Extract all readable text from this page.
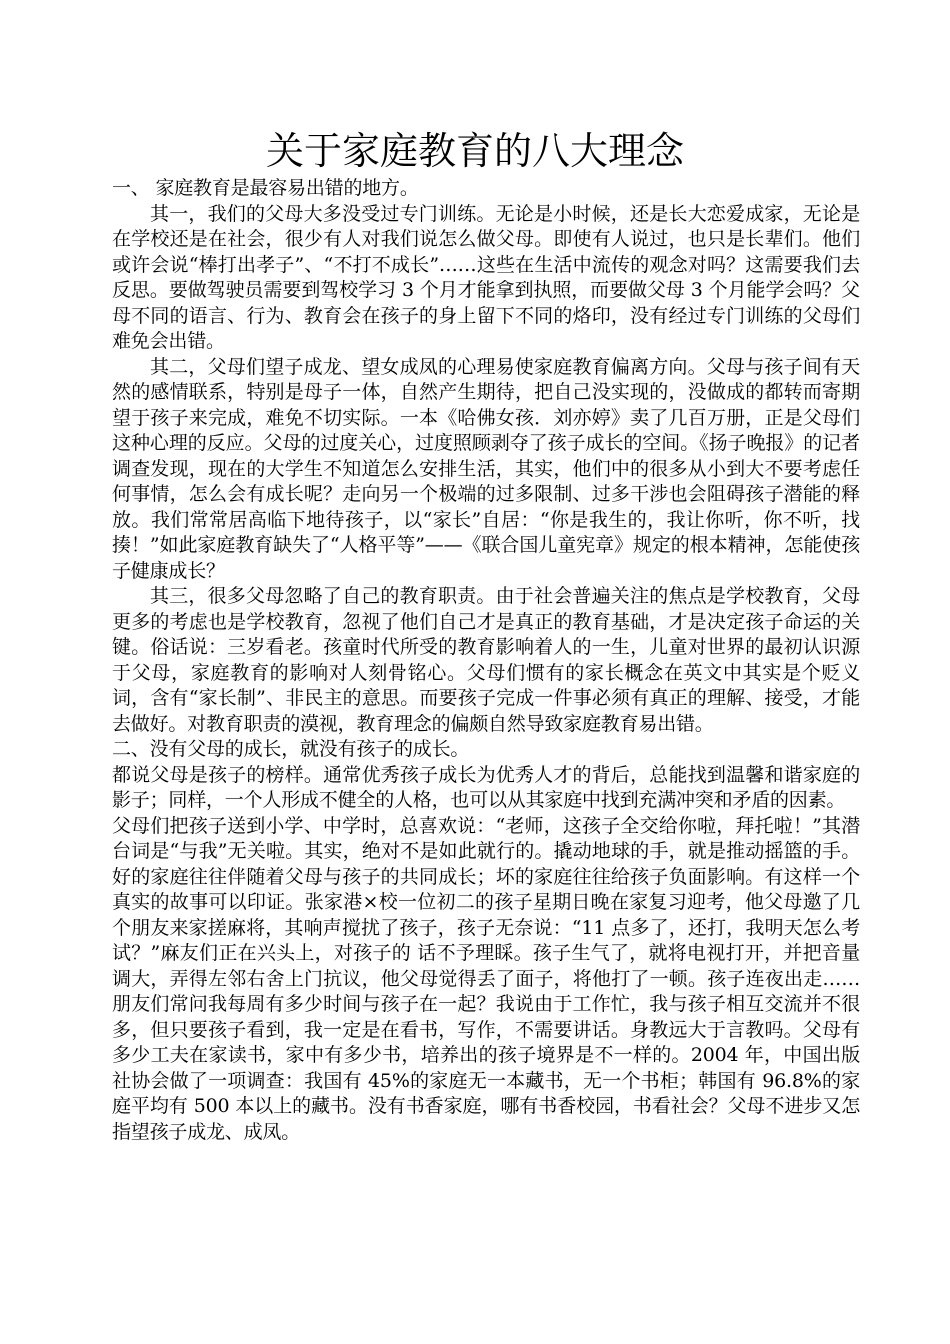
关于家庭教育的八大理念

一、 家庭教育是最容易出错的地方。

其一，我们的父母大多没受过专门训练。无论是小时候，还是长大恋爱成家，无论是在学校还是在社会，很少有人对我们说怎么做父母。即使有人说过，也只是长辈们。他们或许会说“棒打出孝子”、“不打不成长”……这些在生活中流传的观念对吗？这需要我们去反思。要做驾驶员需要到驾校学习 3 个月才能拿到执照，而要做父母 3 个月能学会吗？父母不同的语言、行为、教育会在孩子的身上留下不同的烙印，没有经过专门训练的父母们难免会出错。

其二，父母们望子成龙、望女成凤的心理易使家庭教育偏离方向。父母与孩子间有天然的感情联系，特别是母子一体，自然产生期待，把自己没实现的，没做成的都转而寄期望于孩子来完成，难免不切实际。一本《哈佛女孩．刘亦婷》卖了几百万册，正是父母们这种心理的反应。父母的过度关心，过度照顾剥夺了孩子成长的空间。《扬子晚报》的记者调查发现，现在的大学生不知道怎么安排生活，其实，他们中的很多从小到大不要考虑任何事情，怎么会有成长呢？走向另一个极端的过多限制、过多干涉也会阻碍孩子潜能的释放。我们常常居高临下地待孩子，以“家长”自居：“你是我生的，我让你听，你不听，找揍！”如此家庭教育缺失了“人格平等”——《联合国儿童宪章》规定的根本精神，怎能使孩子健康成长？

其三，很多父母忽略了自己的教育职责。由于社会普遍关注的焦点是学校教育，父母更多的考虑也是学校教育，忽视了他们自己才是真正的教育基础，才是决定孩子命运的关键。俗话说：三岁看老。孩童时代所受的教育影响着人的一生，儿童对世界的最初认识源于父母，家庭教育的影响对人刻骨铭心。父母们惯有的家长概念在英文中其实是个贬义词，含有“家长制”、非民主的意思。而要孩子完成一件事必须有真正的理解、接受，才能去做好。对教育职责的漠视，教育理念的偏颇自然导致家庭教育易出错。

二、没有父母的成长，就没有孩子的成长。

都说父母是孩子的榜样。通常优秀孩子成长为优秀人才的背后，总能找到温馨和谐家庭的影子；同样，一个人形成不健全的人格，也可以从其家庭中找到充满冲突和矛盾的因素。

父母们把孩子送到小学、中学时，总喜欢说：“老师，这孩子全交给你啦，拜托啦！”其潜台词是“与我”无关啦。其实，绝对不是如此就行的。撬动地球的手，就是推动摇篮的手。好的家庭往往伴随着父母与孩子的共同成长；坏的家庭往往给孩子负面影响。有这样一个真实的故事可以印证。张家港×校一位初二的孩子星期日晚在家复习迎考，他父母邀了几个朋友来家搓麻将，其响声搅扰了孩子，孩子无奈说：“11 点多了，还打，我明天怎么考试？”麻友们正在兴头上，对孩子的 话不予理睬。孩子生气了，就将电视打开，并把音量调大，弄得左邻右舍上门抗议，他父母觉得丢了面子，将他打了一顿。孩子连夜出走……朋友们常问我每周有多少时间与孩子在一起？我说由于工作忙，我与孩子相互交流并不很多，但只要孩子看到，我一定是在看书，写作，不需要讲话。身教远大于言教吗。父母有多少工夫在家读书，家中有多少书，培养出的孩子境界是不一样的。2004 年，中国出版社协会做了一项调查：我国有 45%的家庭无一本藏书，无一个书柜；韩国有 96.8%的家庭平均有 500 本以上的藏书。没有书香家庭，哪有书香校园，书看社会？父母不进步又怎指望孩子成龙、成凤。
